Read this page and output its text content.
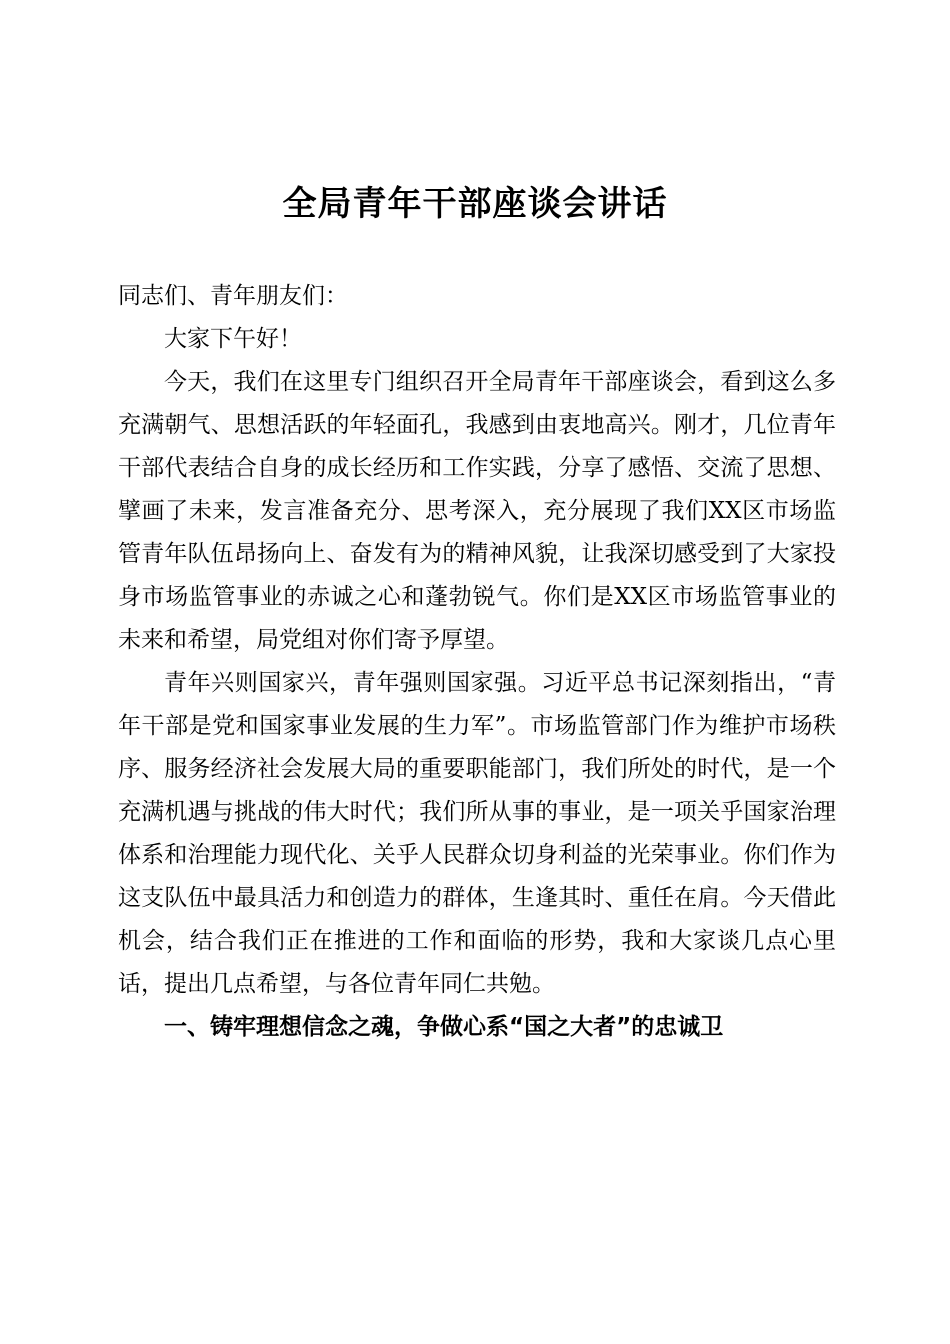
全局青年干部座谈会讲话

同志们、青年朋友们：

大家下午好！

今天，我们在这里专门组织召开全局青年干部座谈会，看到这么多充满朝气、思想活跃的年轻面孔，我感到由衷地高兴。刚才，几位青年干部代表结合自身的成长经历和工作实践，分享了感悟、交流了思想、擘画了未来，发言准备充分、思考深入，充分展现了我们XX区市场监管青年队伍昂扬向上、奋发有为的精神风貌，让我深切感受到了大家投身市场监管事业的赤诚之心和蓬勃锐气。你们是XX区市场监管事业的未来和希望，局党组对你们寄予厚望。

青年兴则国家兴，青年强则国家强。习近平总书记深刻指出，“青年干部是党和国家事业发展的生力军”。市场监管部门作为维护市场秩序、服务经济社会发展大局的重要职能部门，我们所处的时代，是一个充满机遇与挑战的伟大时代；我们所从事的事业，是一项关乎国家治理体系和治理能力现代化、关乎人民群众切身利益的光荣事业。你们作为这支队伍中最具活力和创造力的群体，生逢其时、重任在肩。今天借此机会，结合我们正在推进的工作和面临的形势，我和大家谈几点心里话，提出几点希望，与各位青年同仁共勉。

一、铸牢理想信念之魂，争做心系“国之大者”的忠诚卫
